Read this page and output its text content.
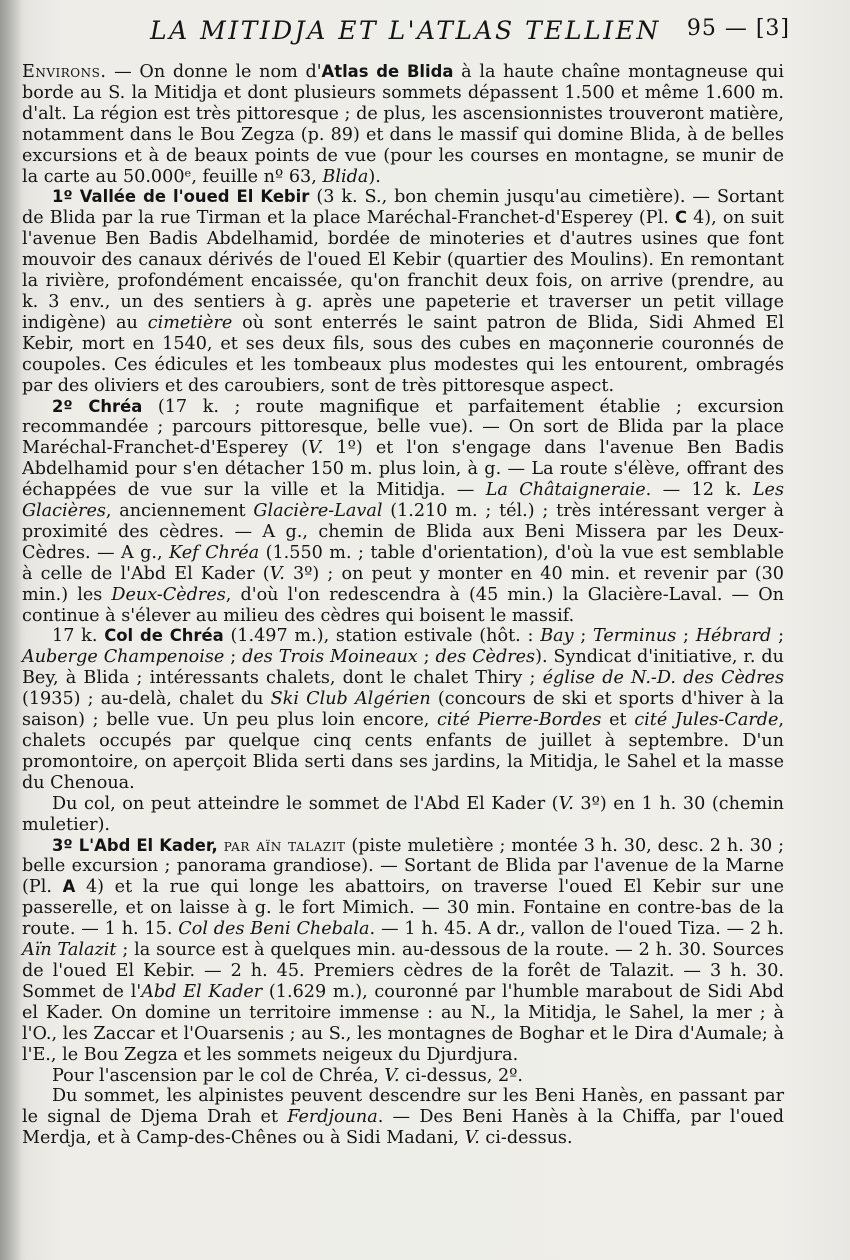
LA MITIDJA ET L'ATLAS TELLIEN 95 — [3]

Environs. — On donne le nom d'Atlas de Blida à la haute chaîne montagneuse qui borde au S. la Mitidja et dont plusieurs sommets dépassent 1.500 et même 1.600 m. d'alt. La région est très pittoresque ; de plus, les ascensionnistes trouveront matière, notamment dans le Bou Zegza (p. 89) et dans le massif qui domine Blida, à de belles excursions et à de beaux points de vue (pour les courses en montagne, se munir de la carte au 50.000ᵉ, feuille nº 63, Blida).

1º Vallée de l'oued El Kebir (3 k. S., bon chemin jusqu'au cimetière). — Sortant de Blida par la rue Tirman et la place Maréchal-Franchet-d'Esperey (Pl. C 4), on suit l'avenue Ben Badis Abdelhamid, bordée de minoteries et d'autres usines que font mouvoir des canaux dérivés de l'oued El Kebir (quartier des Moulins). En remontant la rivière, profondément encaissée, qu'on franchit deux fois, on arrive (prendre, au k. 3 env., un des sentiers à g. après une papeterie et traverser un petit village indigène) au cimetière où sont enterrés le saint patron de Blida, Sidi Ahmed El Kebir, mort en 1540, et ses deux fils, sous des cubes en maçonnerie couronnés de coupoles. Ces édicules et les tombeaux plus modestes qui les entourent, ombragés par des oliviers et des caroubiers, sont de très pittoresque aspect.

2º Chréa (17 k. ; route magnifique et parfaitement établie ; excursion recommandée ; parcours pittoresque, belle vue). — On sort de Blida par la place Maréchal-Franchet-d'Esperey (V. 1º) et l'on s'engage dans l'avenue Ben Badis Abdelhamid pour s'en détacher 150 m. plus loin, à g. — La route s'élève, offrant des échappées de vue sur la ville et la Mitidja. — La Châtaigneraie. — 12 k. Les Glacières, anciennement Glacière-Laval (1.210 m. ; tél.) ; très intéressant verger à proximité des cèdres. — A g., chemin de Blida aux Beni Missera par les Deux-Cèdres. — A g., Kef Chréa (1.550 m. ; table d'orientation), d'où la vue est semblable à celle de l'Abd El Kader (V. 3º) ; on peut y monter en 40 min. et revenir par (30 min.) les Deux-Cèdres, d'où l'on redescendra à (45 min.) la Glacière-Laval. — On continue à s'élever au milieu des cèdres qui boisent le massif.

17 k. Col de Chréa (1.497 m.), station estivale (hôt. : Bay ; Terminus ; Hébrard ; Auberge Champenoise ; des Trois Moineaux ; des Cèdres). Syndicat d'initiative, r. du Bey, à Blida ; intéressants chalets, dont le chalet Thiry ; église de N.-D. des Cèdres (1935) ; au-delà, chalet du Ski Club Algérien (concours de ski et sports d'hiver à la saison) ; belle vue. Un peu plus loin encore, cité Pierre-Bordes et cité Jules-Carde, chalets occupés par quelque cinq cents enfants de juillet à septembre. D'un promontoire, on aperçoit Blida serti dans ses jardins, la Mitidja, le Sahel et la masse du Chenoua.

Du col, on peut atteindre le sommet de l'Abd El Kader (V. 3º) en 1 h. 30 (chemin muletier).

3º L'Abd El Kader, par aïn talazit (piste muletière ; montée 3 h. 30, desc. 2 h. 30 ; belle excursion ; panorama grandiose). — Sortant de Blida par l'avenue de la Marne (Pl. A 4) et la rue qui longe les abattoirs, on traverse l'oued El Kebir sur une passerelle, et on laisse à g. le fort Mimich. — 30 min. Fontaine en contre-bas de la route. — 1 h. 15. Col des Beni Chebala. — 1 h. 45. A dr., vallon de l'oued Tiza. — 2 h. Aïn Talazit ; la source est à quelques min. au-dessous de la route. — 2 h. 30. Sources de l'oued El Kebir. — 2 h. 45. Premiers cèdres de la forêt de Talazit. — 3 h. 30. Sommet de l'Abd El Kader (1.629 m.), couronné par l'humble marabout de Sidi Abd el Kader. On domine un territoire immense : au N., la Mitidja, le Sahel, la mer ; à l'O., les Zaccar et l'Ouarsenis ; au S., les montagnes de Boghar et le Dira d'Aumale; à l'E., le Bou Zegza et les sommets neigeux du Djurdjura.

Pour l'ascension par le col de Chréa, V. ci-dessus, 2º.

Du sommet, les alpinistes peuvent descendre sur les Beni Hanès, en passant par le signal de Djema Drah et Ferdjouna. — Des Beni Hanès à la Chiffa, par l'oued Merdja, et à Camp-des-Chênes ou à Sidi Madani, V. ci-dessus.
